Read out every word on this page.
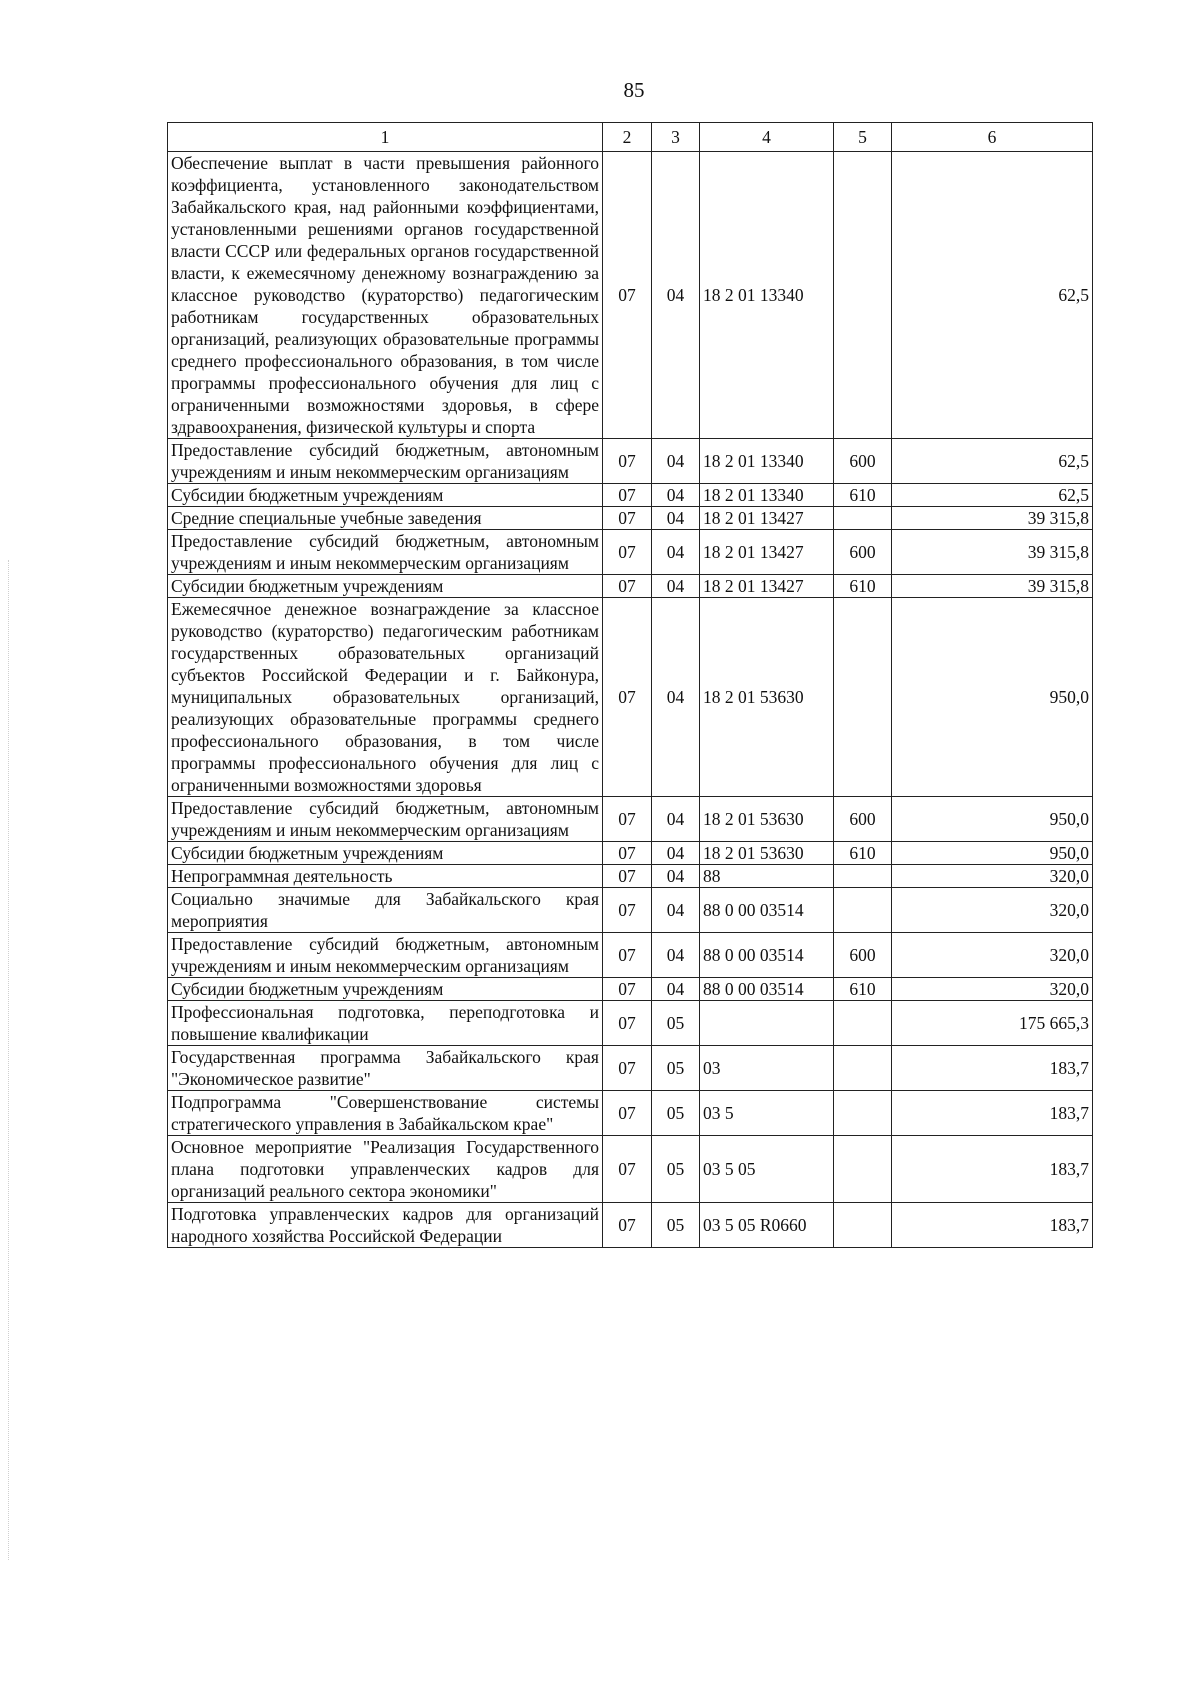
85
1	2	3	4	5	6
Обеспечение выплат в части превышения районного коэффициента, установленного законодательством Забайкальского края, над районными коэффициентами, установленными решениями органов государственной власти СССР или федеральных органов государственной власти, к ежемесячному денежному вознаграждению за классное руководство (кураторство) педагогическим работникам государственных образовательных организаций, реализующих образовательные программы среднего профессионального образования, в том числе программы профессионального обучения для лиц с ограниченными возможностями здоровья, в сфере здравоохранения, физической культуры и спорта	07	04	18 2 01 13340		62,5
Предоставление субсидий бюджетным, автономным учреждениям и иным некоммерческим организациям	07	04	18 2 01 13340	600	62,5
Субсидии бюджетным учреждениям	07	04	18 2 01 13340	610	62,5
Средние специальные учебные заведения	07	04	18 2 01 13427		39 315,8
Предоставление субсидий бюджетным, автономным учреждениям и иным некоммерческим организациям	07	04	18 2 01 13427	600	39 315,8
Субсидии бюджетным учреждениям	07	04	18 2 01 13427	610	39 315,8
Ежемесячное денежное вознаграждение за классное руководство (кураторство) педагогическим работникам государственных образовательных организаций субъектов Российской Федерации и г. Байконура, муниципальных образовательных организаций, реализующих образовательные программы среднего профессионального образования, в том числе программы профессионального обучения для лиц с ограниченными возможностями здоровья	07	04	18 2 01 53630		950,0
Предоставление субсидий бюджетным, автономным учреждениям и иным некоммерческим организациям	07	04	18 2 01 53630	600	950,0
Субсидии бюджетным учреждениям	07	04	18 2 01 53630	610	950,0
Непрограммная деятельность	07	04	88		320,0
Социально значимые для Забайкальского края мероприятия	07	04	88 0 00 03514		320,0
Предоставление субсидий бюджетным, автономным учреждениям и иным некоммерческим организациям	07	04	88 0 00 03514	600	320,0
Субсидии бюджетным учреждениям	07	04	88 0 00 03514	610	320,0
Профессиональная подготовка, переподготовка и повышение квалификации	07	05			175 665,3
Государственная программа Забайкальского края "Экономическое развитие"	07	05	03		183,7
Подпрограмма "Совершенствование системы стратегического управления в Забайкальском крае"	07	05	03 5		183,7
Основное мероприятие "Реализация Государственного плана подготовки управленческих кадров для организаций реального сектора экономики"	07	05	03 5 05		183,7
Подготовка управленческих кадров для организаций народного хозяйства Российской Федерации	07	05	03 5 05 R0660		183,7
